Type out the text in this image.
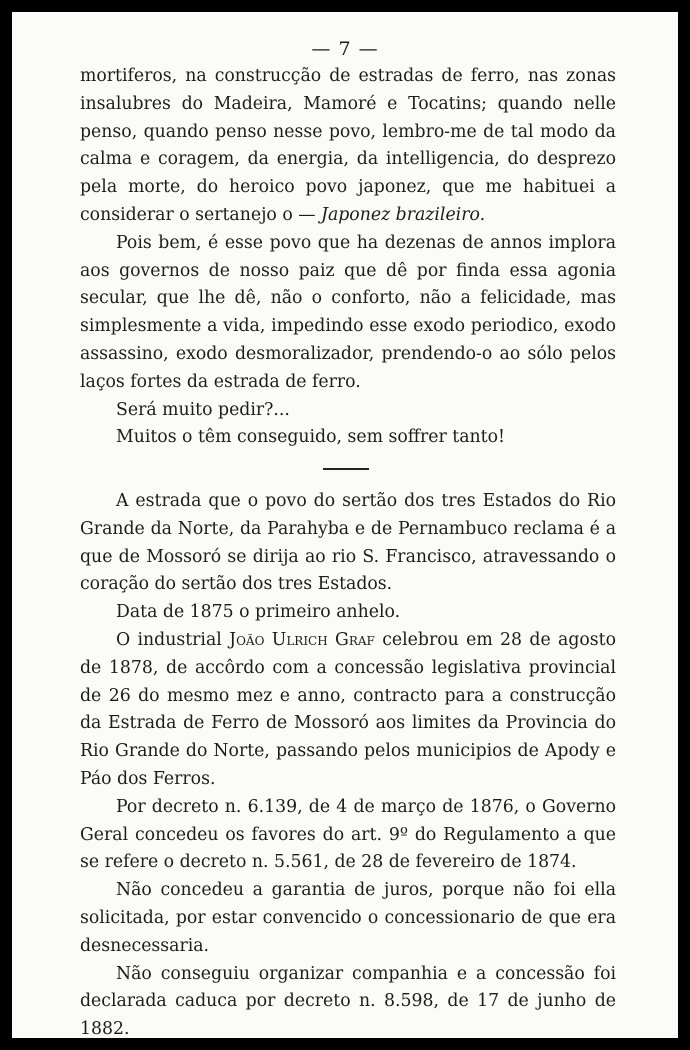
— 7 —

mortiferos, na construcção de estradas de ferro, nas zonas insalubres do Madeira, Mamoré e Tocatins; quando nelle penso, quando penso nesse povo, lembro-me de tal modo da calma e coragem, da energia, da intelligencia, do desprezo pela morte, do heroico povo japonez, que me habituei a considerar o sertanejo o — Japonez brazileiro.

Pois bem, é esse povo que ha dezenas de annos implora aos governos de nosso paiz que dê por finda essa agonia secular, que lhe dê, não o conforto, não a felicidade, mas simplesmente a vida, impedindo esse exodo periodico, exodo assassino, exodo desmoralizador, prendendo-o ao sólo pelos laços fortes da estrada de ferro.

Será muito pedir?...

Muitos o têm conseguido, sem soffrer tanto!

A estrada que o povo do sertão dos tres Estados do Rio Grande da Norte, da Parahyba e de Pernambuco reclama é a que de Mossoró se dirija ao rio S. Francisco, atravessando o coração do sertão dos tres Estados.

Data de 1875 o primeiro anhelo.

O industrial João Ulrich Graf celebrou em 28 de agosto de 1878, de accôrdo com a concessão legislativa provincial de 26 do mesmo mez e anno, contracto para a construcção da Estrada de Ferro de Mossoró aos limites da Provincia do Rio Grande do Norte, passando pelos municipios de Apody e Páo dos Ferros.

Por decreto n. 6.139, de 4 de março de 1876, o Governo Geral concedeu os favores do art. 9º do Regulamento a que se refere o decreto n. 5.561, de 28 de fevereiro de 1874.

Não concedeu a garantia de juros, porque não foi ella solicitada, por estar convencido o concessionario de que era desnecessaria.

Não conseguiu organizar companhia e a concessão foi declarada caduca por decreto n. 8.598, de 17 de junho de 1882.
